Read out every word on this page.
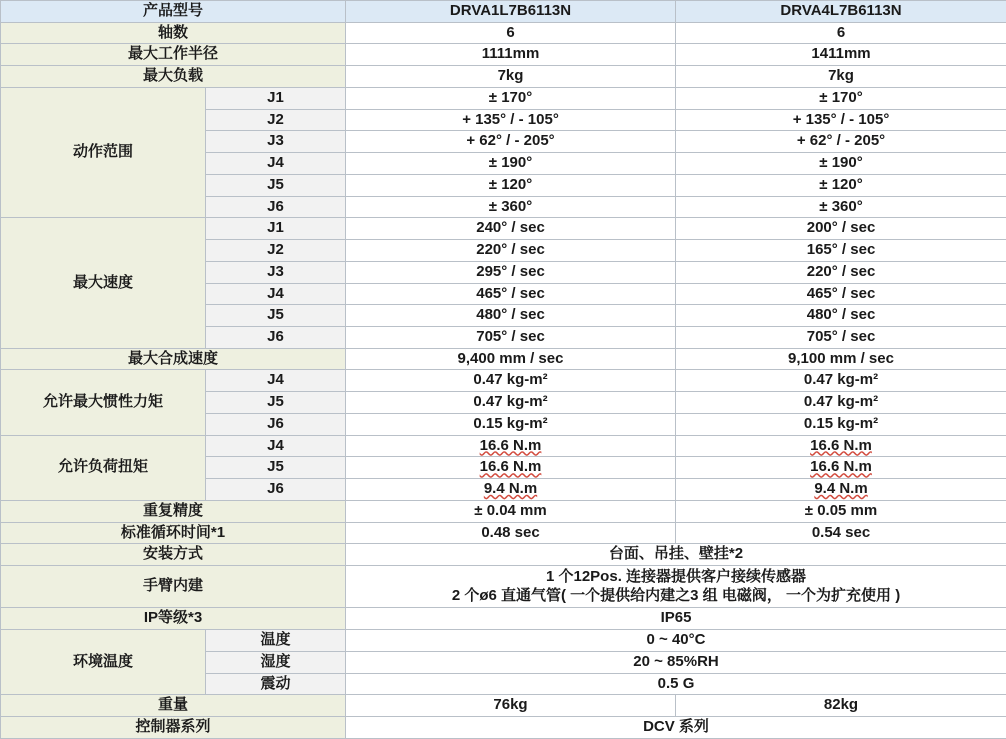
产品型号		DRVA1L7B6113N	DRVA4L7B6113N
轴数		6	6
最大工作半径		1111mm	1411mm
最大负载		7kg	7kg
动作范围	J1	± 170°	± 170°
	J2	+ 135° / - 105°	+ 135° / - 105°
	J3	+ 62° / - 205°	+ 62° / - 205°
	J4	± 190°	± 190°
	J5	± 120°	± 120°
	J6	± 360°	± 360°
最大速度	J1	240° / sec	200° / sec
	J2	220° / sec	165° / sec
	J3	295° / sec	220° / sec
	J4	465° / sec	465° / sec
	J5	480° / sec	480° / sec
	J6	705° / sec	705° / sec
最大合成速度		9,400 mm / sec	9,100 mm / sec
允许最大惯性力矩	J4	0.47 kg-m²	0.47 kg-m²
	J5	0.47 kg-m²	0.47 kg-m²
	J6	0.15 kg-m²	0.15 kg-m²
允许负荷扭矩	J4	16.6 N.m	16.6 N.m
	J5	16.6 N.m	16.6 N.m
	J6	9.4 N.m	9.4 N.m
重复精度		± 0.04 mm	± 0.05 mm
标准循环时间*1		0.48 sec	0.54 sec
安装方式		台面、吊挂、壁挂*2	
手臂内建		1 个12Pos. 连接器提供客户接续传感器
2 个ø6 直通气管( 一个提供给内建之3 组 电磁阀， 一个为扩充使用 )	

IP等级*3		IP65	
环境温度	温度	0 ~ 40°C	
	湿度	20 ~ 85%RH	
	震动	0.5 G	
重量		76kg	82kg
控制器系列		DCV 系列	
